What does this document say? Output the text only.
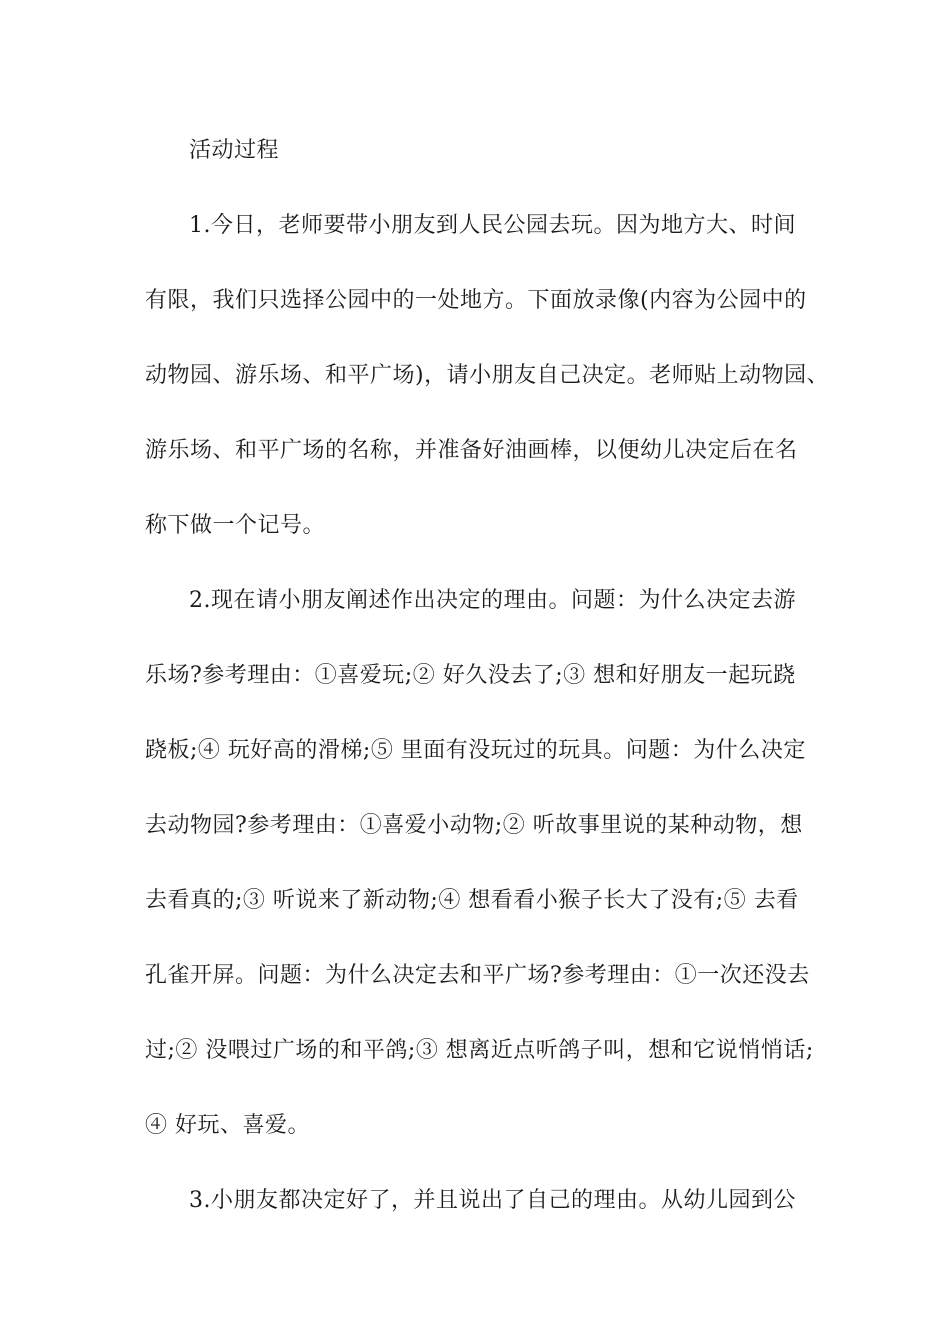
活动过程
1.今日，老师要带小朋友到人民公园去玩。因为地方大、时间
有限，我们只选择公园中的一处地方。下面放录像(内容为公园中的
动物园、游乐场、和平广场)，请小朋友自己决定。老师贴上动物园、
游乐场、和平广场的名称，并准备好油画棒，以便幼儿决定后在名
称下做一个记号。
2.现在请小朋友阐述作出决定的理由。问题：为什么决定去游
乐场?参考理由：①喜爱玩;② 好久没去了;③ 想和好朋友一起玩跷
跷板;④ 玩好高的滑梯;⑤ 里面有没玩过的玩具。问题：为什么决定
去动物园?参考理由：①喜爱小动物;② 听故事里说的某种动物，想
去看真的;③ 听说来了新动物;④ 想看看小猴子长大了没有;⑤ 去看
孔雀开屏。问题：为什么决定去和平广场?参考理由：①一次还没去
过;② 没喂过广场的和平鸽;③ 想离近点听鸽子叫，想和它说悄悄话;
④ 好玩、喜爱。
3.小朋友都决定好了，并且说出了自己的理由。从幼儿园到公
